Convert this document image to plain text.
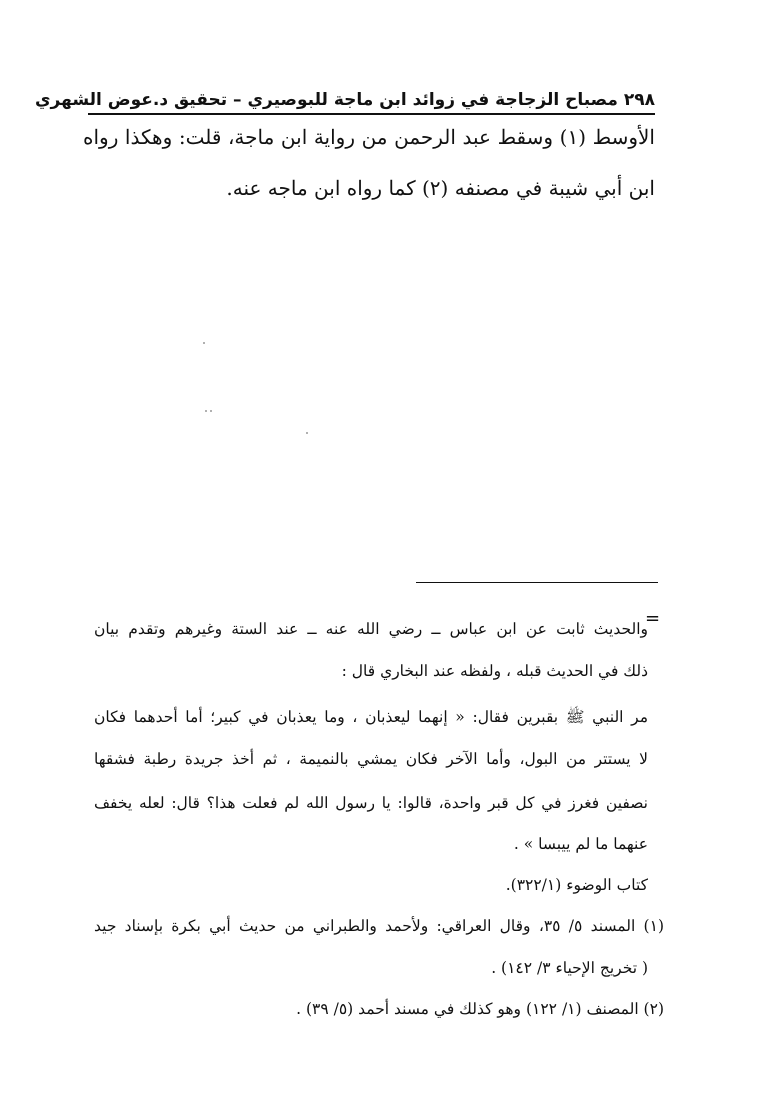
٢٩٨ مصباح الزجاجة في زوائد ابن ماجة للبوصيري – تحقيق د.عوض الشهري
الأوسط (١) وسقط عبد الرحمن من رواية ابن ماجة، قلت: وهكذا رواه
ابن أبي شيبة في مصنفه (٢) كما رواه ابن ماجه عنه.
=
والحديث ثابت عن ابن عباس ــ رضي الله عنه ــ عند الستة وغيرهم وتقدم بيان
ذلك في الحديث قبله ، ولفظه عند البخاري قال :
مر النبي ﷺ بقبرين فقال: « إنهما ليعذبان ، وما يعذبان في كبير؛ أما أحدهما فكان
لا يستتر من البول، وأما الآخر فكان يمشي بالنميمة ، ثم أخذ جريدة رطبة فشقها
نصفين فغرز في كل قبر واحدة، قالوا: يا رسول الله لم فعلت هذا؟ قال: لعله يخفف
عنهما ما لم ييبسا » .
كتاب الوضوء (٣٢٢/١).
(١) المسند ٥/ ٣٥، وقال العراقي: ولأحمد والطبراني من حديث أبي بكرة بإسناد جيد
( تخريج الإحياء ٣/ ١٤٢) .
(٢) المصنف (١/ ١٢٢) وهو كذلك في مسند أحمد (٥/ ٣٩) .
